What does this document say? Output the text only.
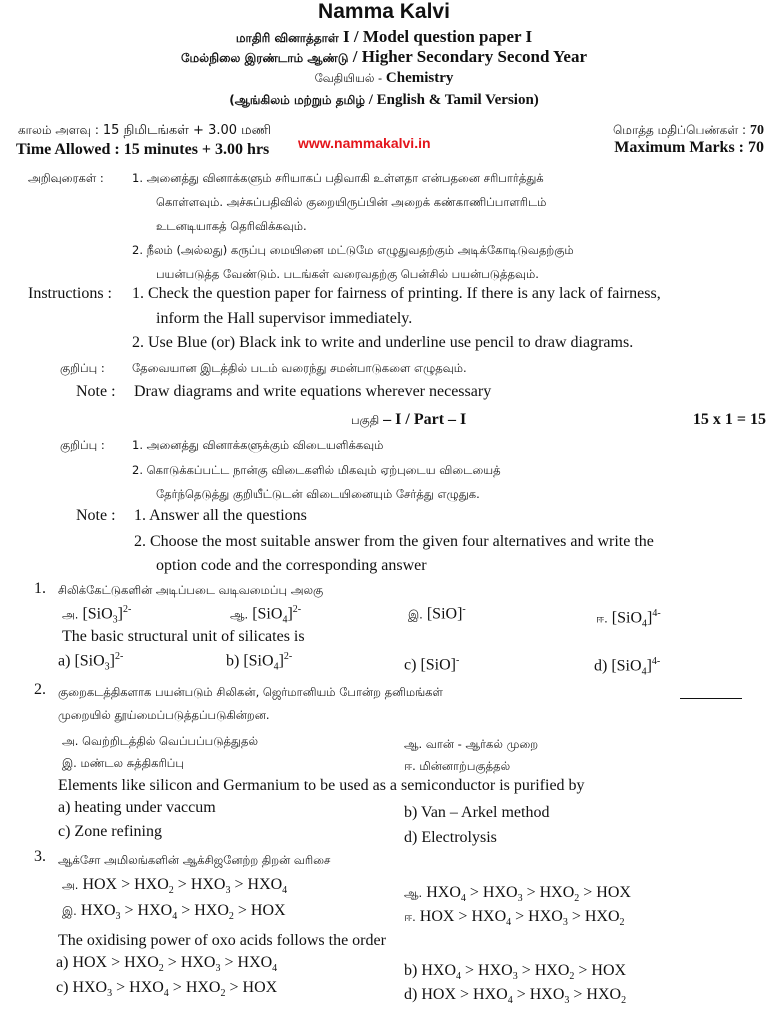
Namma Kalvi
மாதிரி வினாத்தாள் I / Model question paper I
மேல்நிலை இரண்டாம் ஆண்டு / Higher Secondary Second Year
வேதியியல் - Chemistry
(ஆங்கிலம் மற்றும் தமிழ் / English & Tamil Version)
காலம் அளவு : 15 நிமிடங்கள் + 3.00 மணி	மொத்த மதிப்பெண்கள் : 70
www.nammakalvi.in
Time Allowed : 15 minutes + 3.00 hrs	Maximum Marks : 70
அறிவுரைகள் : 1. அனைத்து வினாக்களும் சரியாகப் பதிவாகி உள்ளதா என்பதனை சரிபார்த்துக்
கொள்ளவும். அச்சுப்பதிவில் குறையிருப்பின் அறைக் கண்காணிப்பாளரிடம்
உடனடியாகத் தெரிவிக்கவும்.
2. நீலம் (அல்லது) கருப்பு மையினை மட்டுமே எழுதுவதற்கும் அடிக்கோடிடுவதற்கும்
பயன்படுத்த வேண்டும். படங்கள் வரைவதற்கு பென்சில் பயன்படுத்தவும்.
Instructions : 1. Check the question paper for fairness of printing. If there is any lack of fairness,
inform the Hall supervisor immediately.
2. Use Blue (or) Black ink to write and underline use pencil to draw diagrams.
குறிப்பு : தேவையான இடத்தில் படம் வரைந்து சமன்பாடுகளை எழுதவும்.
Note : Draw diagrams and write equations wherever necessary
பகுதி – I / Part – I	15 x 1 = 15
குறிப்பு : 1. அனைத்து வினாக்களுக்கும் விடையளிக்கவும்
2. கொடுக்கப்பட்ட நான்கு விடைகளில் மிகவும் ஏற்புடைய விடையைத்
தேர்ந்தெடுத்து குறியீட்டுடன் விடையினையும் சேர்த்து எழுதுக.
Note : 1. Answer all the questions
2. Choose the most suitable answer from the given four alternatives and write the
option code and the corresponding answer
1. சிலிக்கேட்டுகளின் அடிப்படை வடிவமைப்பு அலகு
அ. $[SiO_3]^{2-}$	ஆ. $[SiO_4]^{2-}$	இ. [SiO]-
ஈ. $[SiO_4]^{4-}$
The basic structural unit of silicates is
a) $[SiO_3]^{2-}$	b) $[SiO_4]^{2-}$	c) [SiO]-	d) $[SiO_4]^{4-}$
2. குறைகடத்திகளாக பயன்படும் சிலிகன், ஜெர்மானியம் போன்ற தனிமங்கள்
முறையில் தூய்மைப்படுத்தப்படுகின்றன.
அ. வெற்றிடத்தில் வெப்பப்படுத்துதல்	ஆ. வான் - ஆர்கல் முறை
இ. மண்டல சுத்திகரிப்பு	ஈ. மின்னாற்பகுத்தல்
Elements like silicon and Germanium to be used as a semiconductor is purified by
a) heating under vaccum	b) Van – Arkel method
c) Zone refining	d) Electrolysis
3. ஆக்சோ அமிலங்களின் ஆக்சிஜனேற்ற திறன் வரிசை
அ. HOX > $HXO_2 > HXO_3 > HXO_4$	ஆ. $HXO_4 > HXO_3 > HXO_2$ > HOX
இ. $HXO_3 > HXO_4 > HXO_2$ > HOX	ஈ. HOX > $HXO_4 > HXO_3 > HXO_2$
The oxidising power of oxo acids follows the order
a) HOX > $HXO_2 > HXO_3 > HXO_4$	b) $HXO_4 > HXO_3 > HXO_2$ > HOX
c) $HXO_3 > HXO_4 > HXO_2$ > HOX	d) HOX > $HXO_4 > HXO_3 > HXO_2$
